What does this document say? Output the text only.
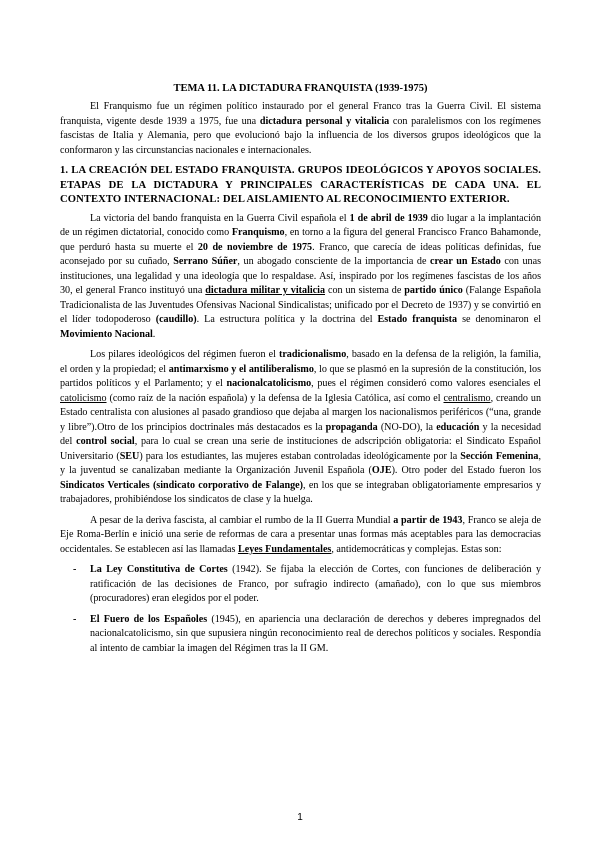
TEMA 11. LA DICTADURA FRANQUISTA (1939-1975)

El Franquismo fue un régimen político instaurado por el general Franco tras la Guerra Civil. El sistema franquista, vigente desde 1939 a 1975, fue una dictadura personal y vitalicia con paralelismos con los regímenes fascistas de Italia y Alemania, pero que evolucionó bajo la influencia de los diversos grupos ideológicos que la conformaron y las circunstancias nacionales e internacionales.

1. LA CREACIÓN DEL ESTADO FRANQUISTA. GRUPOS IDEOLÓGICOS Y APOYOS SOCIALES. ETAPAS DE LA DICTADURA Y PRINCIPALES CARACTERÍSTICAS DE CADA UNA. EL CONTEXTO INTERNACIONAL: DEL AISLAMIENTO AL RECONOCIMIENTO EXTERIOR.

La victoria del bando franquista en la Guerra Civil española el 1 de abril de 1939 dio lugar a la implantación de un régimen dictatorial, conocido como Franquismo, en torno a la figura del general Francisco Franco Bahamonde, que perduró hasta su muerte el 20 de noviembre de 1975. Franco, que carecía de ideas políticas definidas, fue aconsejado por su cuñado, Serrano Súñer, un abogado consciente de la importancia de crear un Estado con unas instituciones, una legalidad y una ideología que lo respaldase. Así, inspirado por los regímenes fascistas de los años 30, el general Franco instituyó una dictadura militar y vitalicia con un sistema de partido único (Falange Española Tradicionalista de las Juventudes Ofensivas Nacional Sindicalistas; unificado por el Decreto de 1937) y se convirtió en el líder todopoderoso (caudillo). La estructura política y la doctrina del Estado franquista se denominaron el Movimiento Nacional.

Los pilares ideológicos del régimen fueron el tradicionalismo, basado en la defensa de la religión, la familia, el orden y la propiedad; el antimarxismo y el antiliberalismo, lo que se plasmó en la supresión de la constitución, los partidos políticos y el Parlamento; y el nacionalcatolicismo, pues el régimen consideró como valores esenciales el catolicismo (como raíz de la nación española) y la defensa de la Iglesia Católica, así como el centralismo, creando un Estado centralista con alusiones al pasado grandioso que dejaba al margen los nacionalismos periféricos (“una, grande y libre”).Otro de los principios doctrinales más destacados es la propaganda (NO-DO), la educación y la necesidad del control social, para lo cual se crean una serie de instituciones de adscripción obligatoria: el Sindicato Español Universitario (SEU) para los estudiantes, las mujeres estaban controladas ideológicamente por la Sección Femenina, y la juventud se canalizaban mediante la Organización Juvenil Española (OJE). Otro poder del Estado fueron los Sindicatos Verticales (sindicato corporativo de Falange), en los que se integraban obligatoriamente empresarios y trabajadores, prohibiéndose los sindicatos de clase y la huelga.

A pesar de la deriva fascista, al cambiar el rumbo de la II Guerra Mundial a partir de 1943, Franco se aleja de Eje Roma-Berlín e inició una serie de reformas de cara a presentar unas formas más aceptables para las democracias occidentales. Se establecen así las llamadas Leyes Fundamentales, antidemocráticas y complejas. Estas son:

- La Ley Constitutiva de Cortes (1942). Se fijaba la elección de Cortes, con funciones de deliberación y ratificación de las decisiones de Franco, por sufragio indirecto (amañado), con lo que sus miembros (procuradores) eran elegidos por el poder.
- El Fuero de los Españoles (1945), en apariencia una declaración de derechos y deberes impregnados del nacionalcatolicismo, sin que supusiera ningún reconocimiento real de derechos políticos y sociales. Respondía al intento de cambiar la imagen del Régimen tras la II GM.
1
